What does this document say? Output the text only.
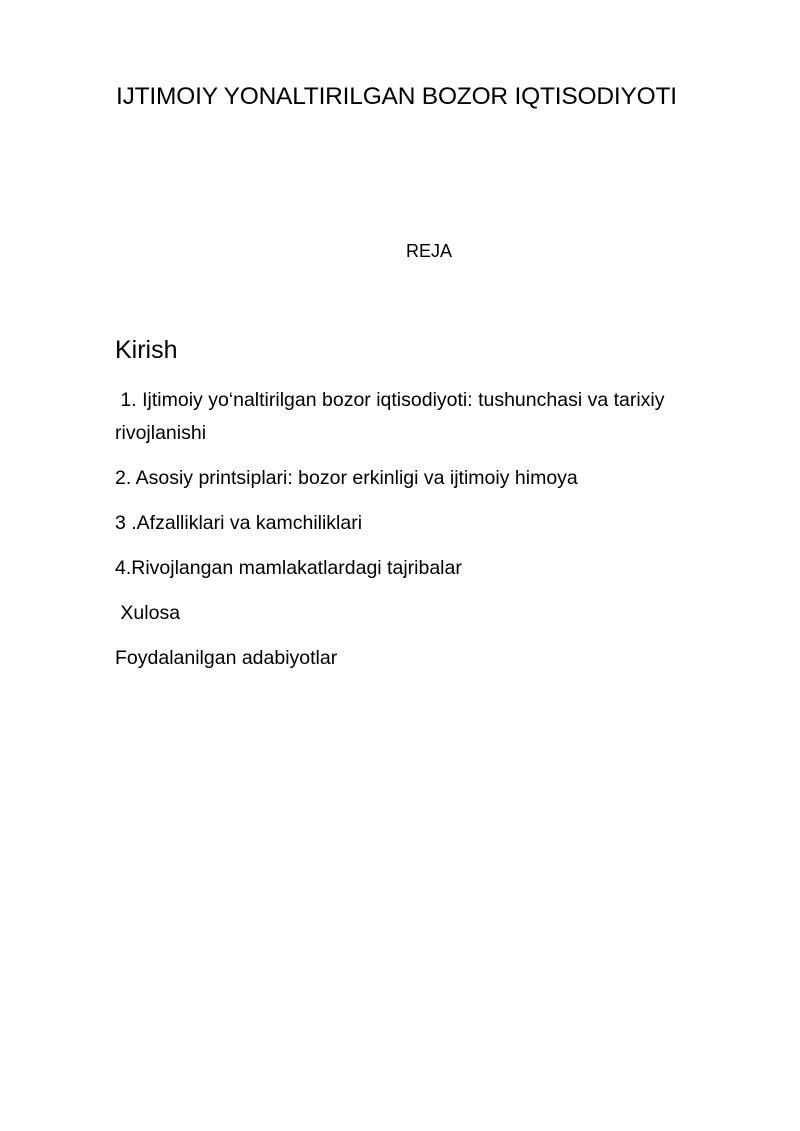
IJTIMOIY YONALTIRILGAN BOZOR IQTISODIYOTI
REJA

Kirish

1. Ijtimoiy yo‘naltirilgan bozor iqtisodiyoti: tushunchasi va tarixiy rivojlanishi

2. Asosiy printsiplari: bozor erkinligi va ijtimoiy himoya

3 .Afzalliklari va kamchiliklari

4.Rivojlangan mamlakatlardagi tajribalar

Xulosa

Foydalanilgan adabiyotlar
